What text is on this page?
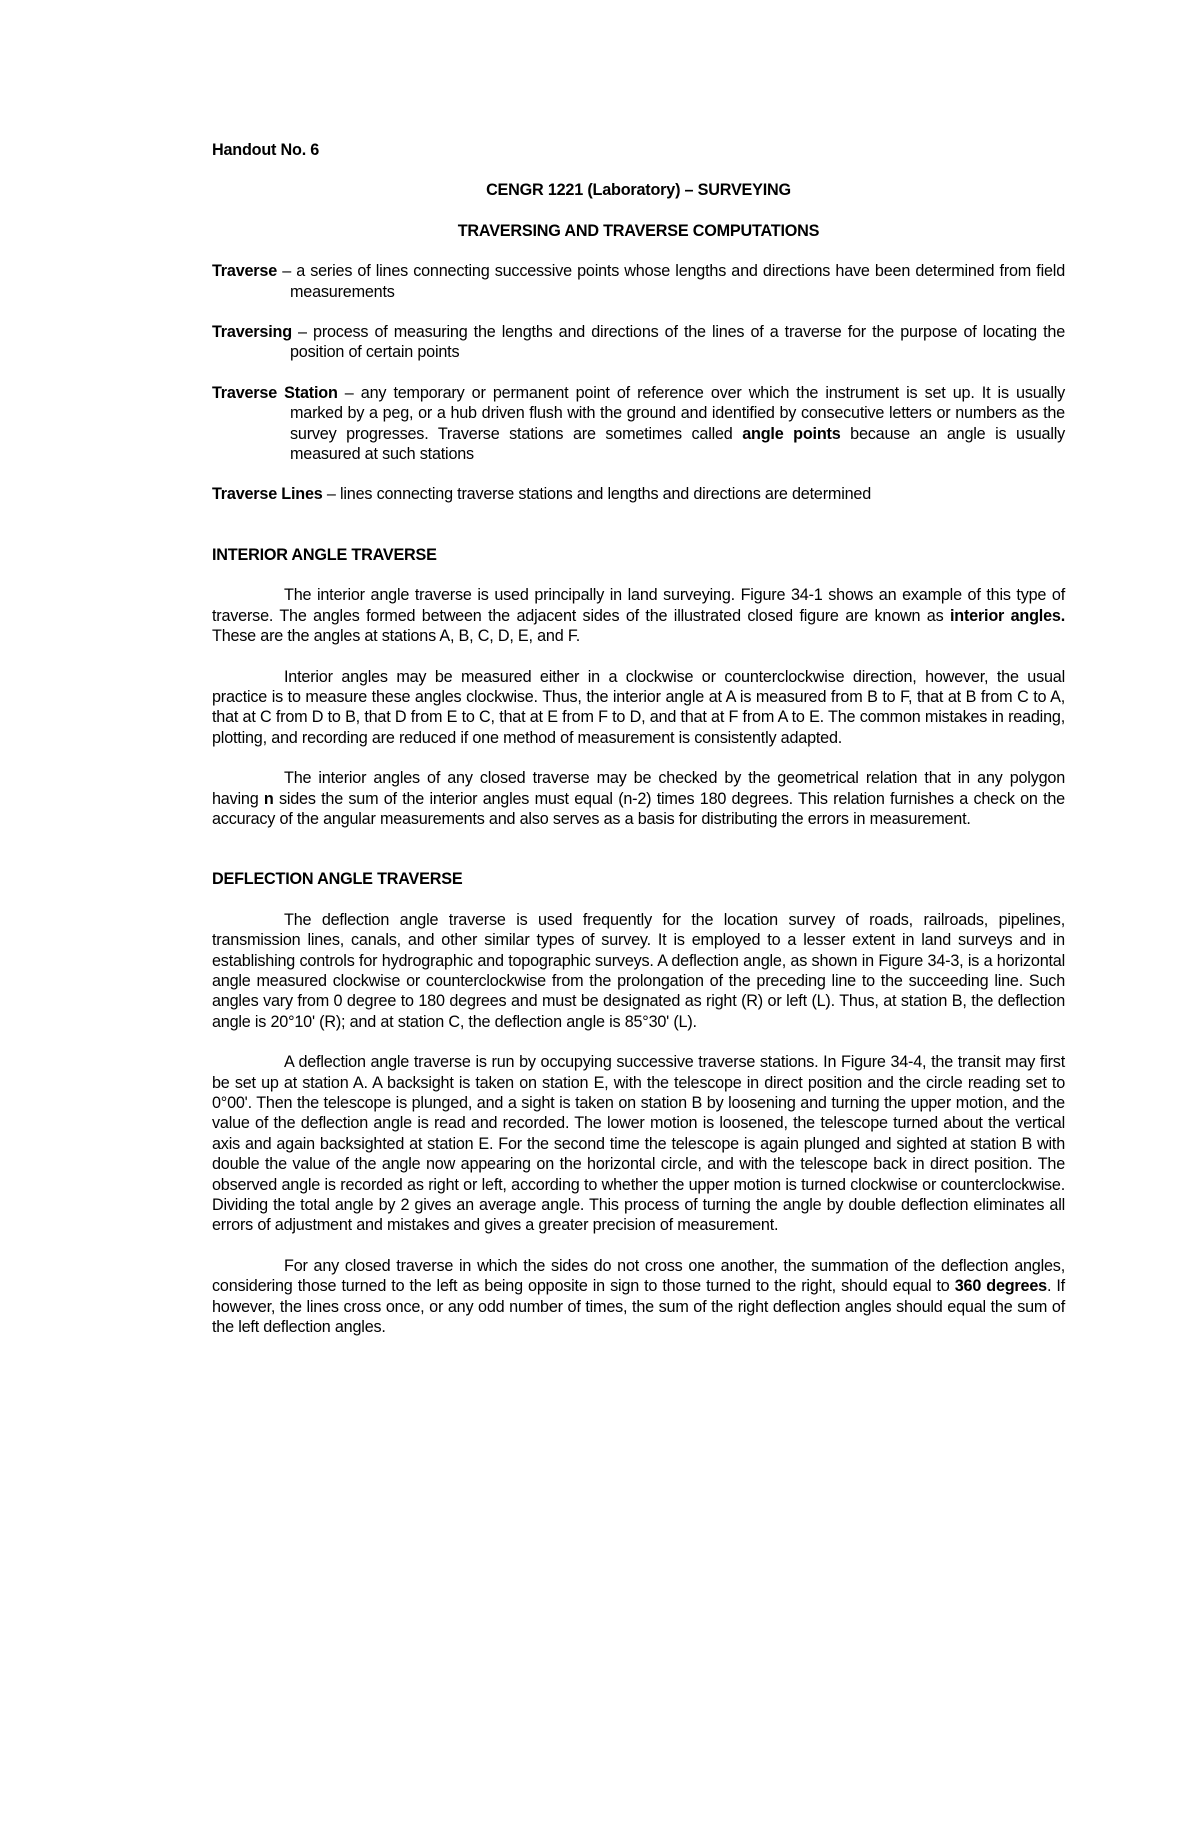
Handout No. 6
CENGR 1221 (Laboratory) – SURVEYING
TRAVERSING AND TRAVERSE COMPUTATIONS
Traverse – a series of lines connecting successive points whose lengths and directions have been determined from field measurements
Traversing – process of measuring the lengths and directions of the lines of a traverse for the purpose of locating the position of certain points
Traverse Station – any temporary or permanent point of reference over which the instrument is set up. It is usually marked by a peg, or a hub driven flush with the ground and identified by consecutive letters or numbers as the survey progresses. Traverse stations are sometimes called angle points because an angle is usually measured at such stations
Traverse Lines – lines connecting traverse stations and lengths and directions are determined
INTERIOR ANGLE TRAVERSE

The interior angle traverse is used principally in land surveying. Figure 34-1 shows an example of this type of traverse. The angles formed between the adjacent sides of the illustrated closed figure are known as interior angles. These are the angles at stations A, B, C, D, E, and F.

Interior angles may be measured either in a clockwise or counterclockwise direction, however, the usual practice is to measure these angles clockwise. Thus, the interior angle at A is measured from B to F, that at B from C to A, that at C from D to B, that D from E to C, that at E from F to D, and that at F from A to E. The common mistakes in reading, plotting, and recording are reduced if one method of measurement is consistently adapted.

The interior angles of any closed traverse may be checked by the geometrical relation that in any polygon having n sides the sum of the interior angles must equal (n-2) times 180 degrees. This relation furnishes a check on the accuracy of the angular measurements and also serves as a basis for distributing the errors in measurement.

DEFLECTION ANGLE TRAVERSE

The deflection angle traverse is used frequently for the location survey of roads, railroads, pipelines, transmission lines, canals, and other similar types of survey. It is employed to a lesser extent in land surveys and in establishing controls for hydrographic and topographic surveys. A deflection angle, as shown in Figure 34-3, is a horizontal angle measured clockwise or counterclockwise from the prolongation of the preceding line to the succeeding line. Such angles vary from 0 degree to 180 degrees and must be designated as right (R) or left (L). Thus, at station B, the deflection angle is 20°10' (R); and at station C, the deflection angle is 85°30' (L).

A deflection angle traverse is run by occupying successive traverse stations. In Figure 34-4, the transit may first be set up at station A. A backsight is taken on station E, with the telescope in direct position and the circle reading set to 0°00'. Then the telescope is plunged, and a sight is taken on station B by loosening and turning the upper motion, and the value of the deflection angle is read and recorded. The lower motion is loosened, the telescope turned about the vertical axis and again backsighted at station E. For the second time the telescope is again plunged and sighted at station B with double the value of the angle now appearing on the horizontal circle, and with the telescope back in direct position. The observed angle is recorded as right or left, according to whether the upper motion is turned clockwise or counterclockwise. Dividing the total angle by 2 gives an average angle. This process of turning the angle by double deflection eliminates all errors of adjustment and mistakes and gives a greater precision of measurement.

For any closed traverse in which the sides do not cross one another, the summation of the deflection angles, considering those turned to the left as being opposite in sign to those turned to the right, should equal to 360 degrees. If however, the lines cross once, or any odd number of times, the sum of the right deflection angles should equal the sum of the left deflection angles.
